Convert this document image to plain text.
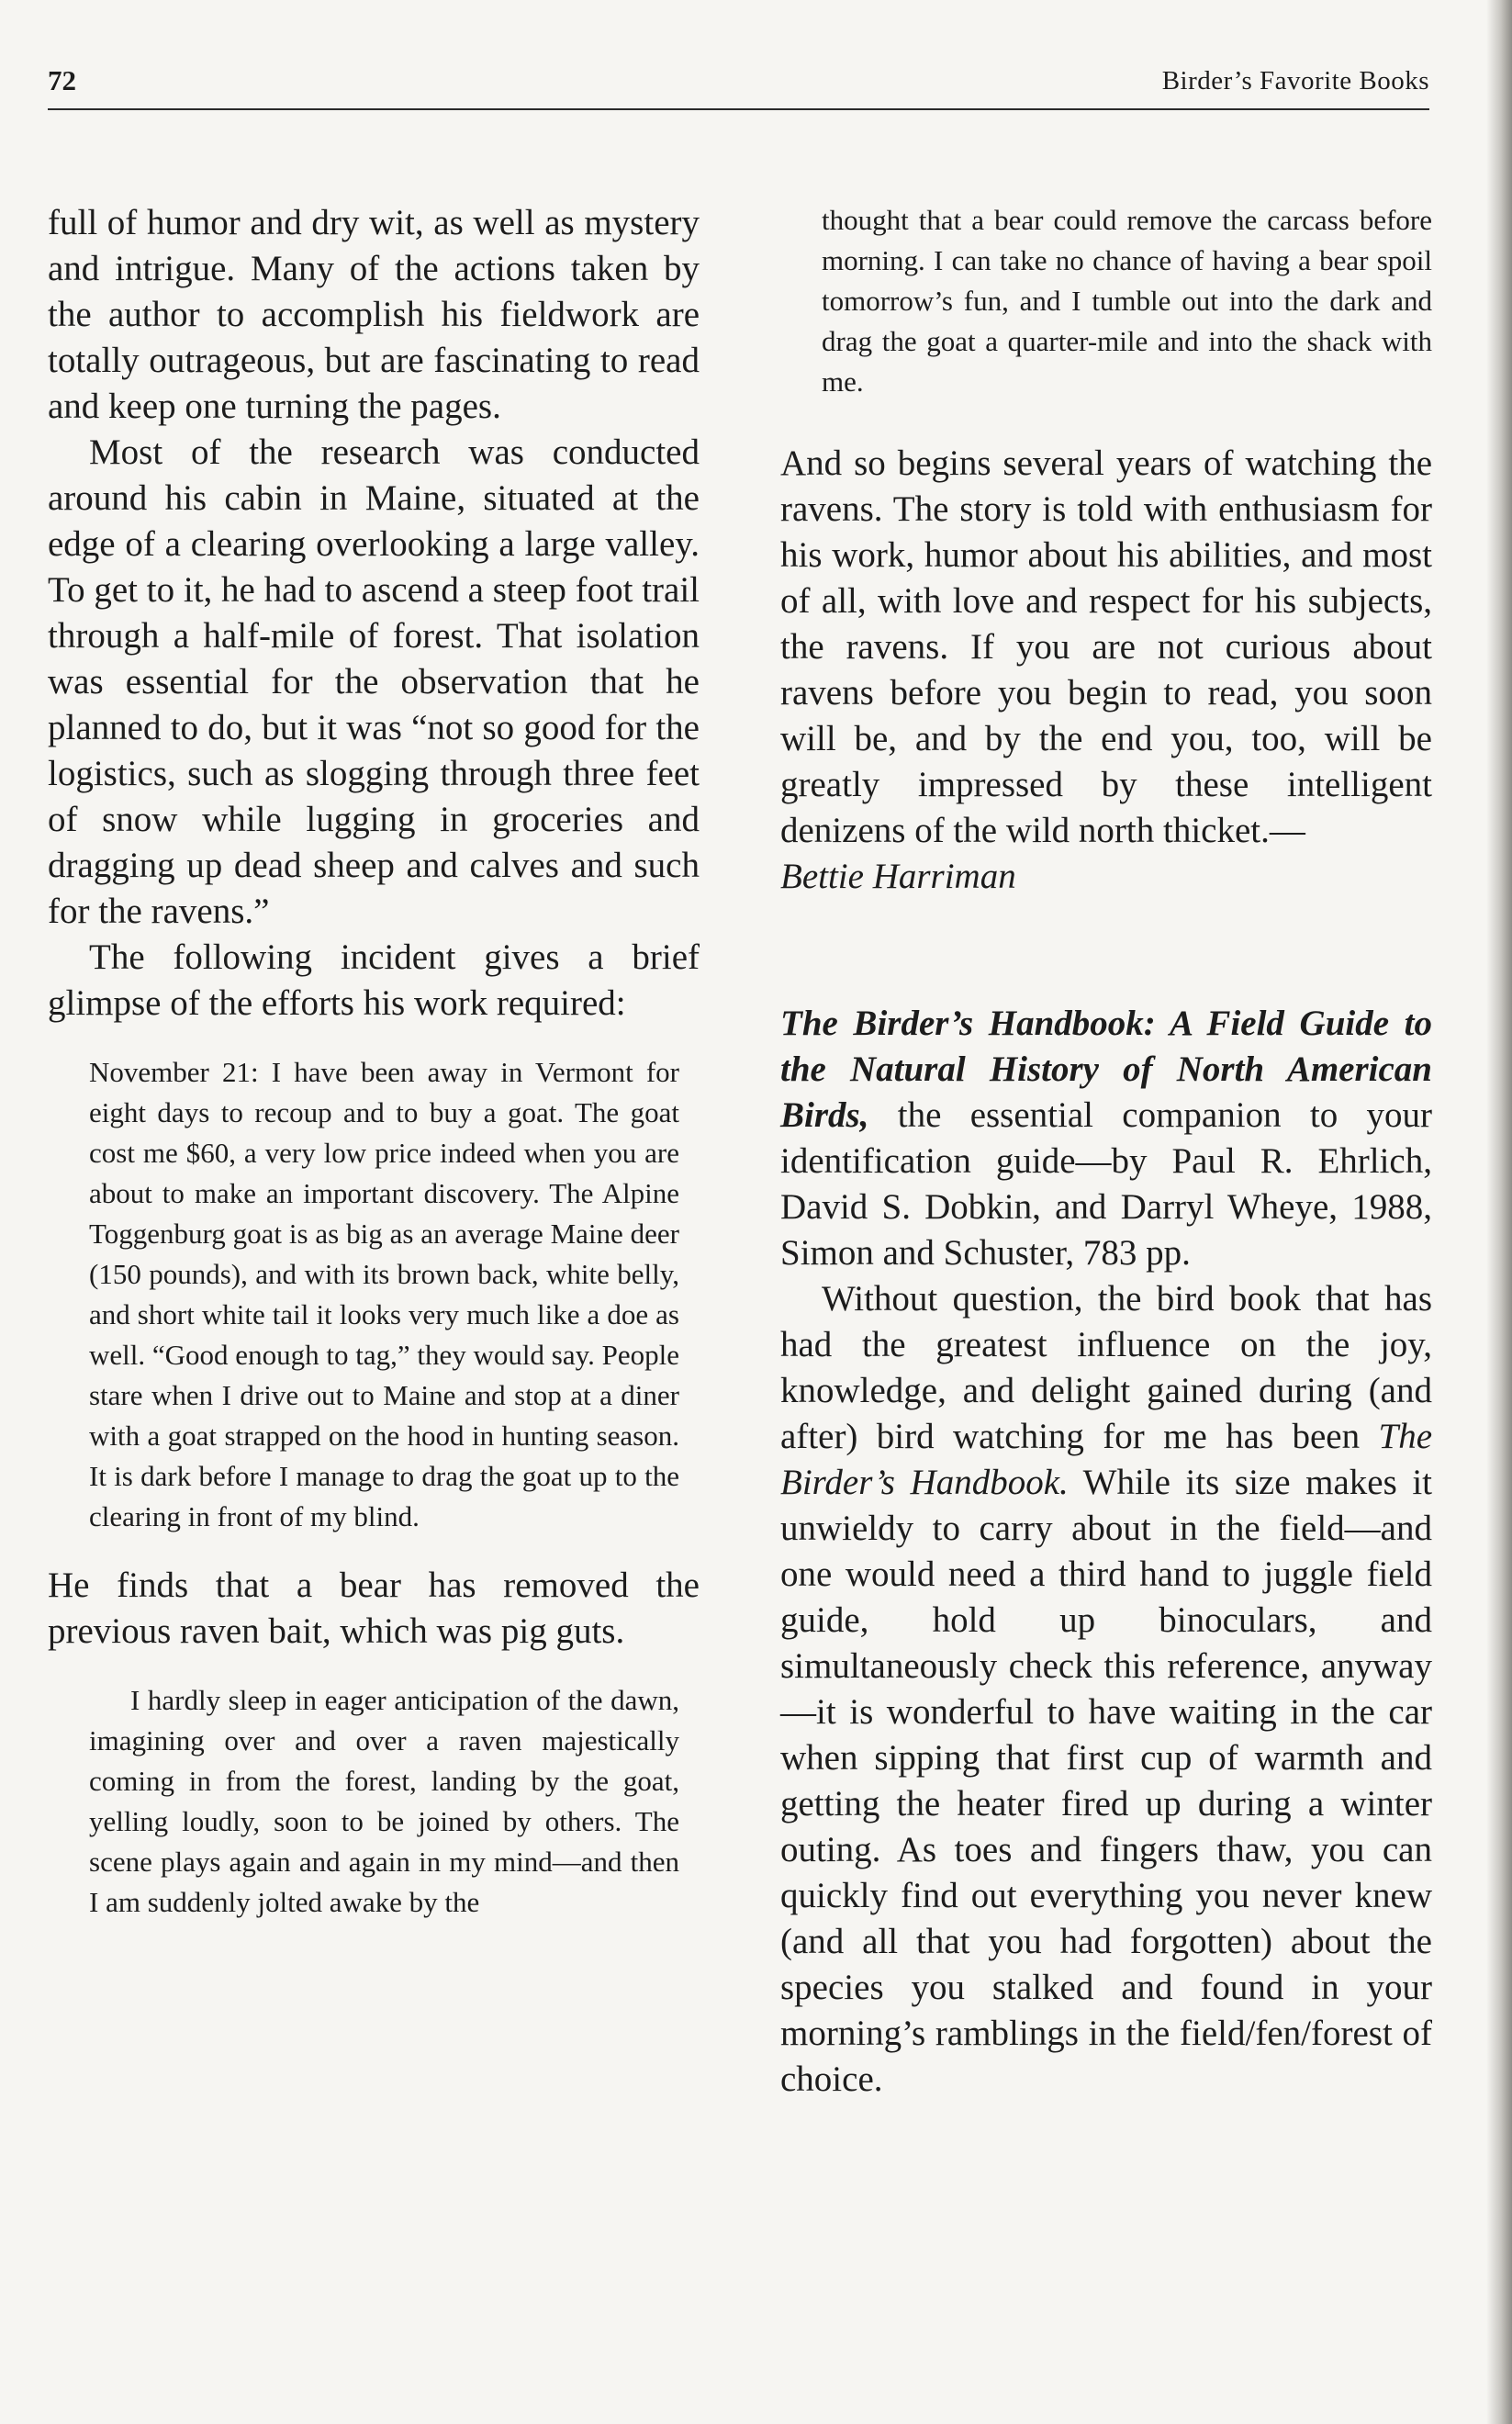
72	Birder’s Favorite Books

full of humor and dry wit, as well as mystery and intrigue. Many of the actions taken by the author to accomplish his fieldwork are totally outrageous, but are fascinating to read and keep one turning the pages.

Most of the research was conducted around his cabin in Maine, situated at the edge of a clearing overlooking a large valley. To get to it, he had to ascend a steep foot trail through a half-mile of forest. That isolation was essential for the observation that he planned to do, but it was “not so good for the logistics, such as slogging through three feet of snow while lugging in groceries and dragging up dead sheep and calves and such for the ravens.”

The following incident gives a brief glimpse of the efforts his work required:

November 21: I have been away in Vermont for eight days to recoup and to buy a goat. The goat cost me $60, a very low price indeed when you are about to make an important discovery. The Alpine Toggenburg goat is as big as an average Maine deer (150 pounds), and with its brown back, white belly, and short white tail it looks very much like a doe as well. “Good enough to tag,” they would say. People stare when I drive out to Maine and stop at a diner with a goat strapped on the hood in hunting season. It is dark before I manage to drag the goat up to the clearing in front of my blind.

He finds that a bear has removed the previous raven bait, which was pig guts.

I hardly sleep in eager anticipation of the dawn, imagining over and over a raven majestically coming in from the forest, landing by the goat, yelling loudly, soon to be joined by others. The scene plays again and again in my mind—and then I am suddenly jolted awake by the

thought that a bear could remove the carcass before morning. I can take no chance of having a bear spoil tomorrow’s fun, and I tumble out into the dark and drag the goat a quarter-mile and into the shack with me.

And so begins several years of watching the ravens. The story is told with enthusiasm for his work, humor about his abilities, and most of all, with love and respect for his subjects, the ravens. If you are not curious about ravens before you begin to read, you soon will be, and by the end you, too, will be greatly impressed by these intelligent denizens of the wild north thicket.—
Bettie Harriman

The Birder’s Handbook: A Field Guide to the Natural History of North American Birds, the essential companion to your identification guide—by Paul R. Ehrlich, David S. Dobkin, and Darryl Wheye, 1988, Simon and Schuster, 783 pp.

Without question, the bird book that has had the greatest influence on the joy, knowledge, and delight gained during (and after) bird watching for me has been The Birder’s Handbook. While its size makes it unwieldy to carry about in the field—and one would need a third hand to juggle field guide, hold up binoculars, and simultaneously check this reference, anyway—it is wonderful to have waiting in the car when sipping that first cup of warmth and getting the heater fired up during a winter outing. As toes and fingers thaw, you can quickly find out everything you never knew (and all that you had forgotten) about the species you stalked and found in your morning’s ramblings in the field/fen/forest of choice.
